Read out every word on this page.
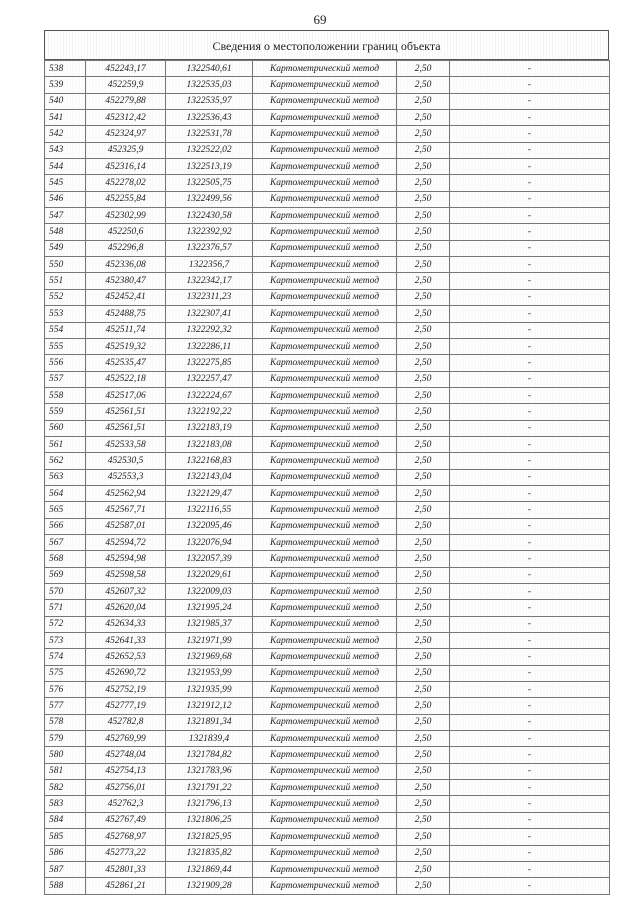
69
Сведения о местоположении границ объекта
538	452243,17	1322540,61	Картометрический метод	2,50	-
539	452259,9	1322535,03	Картометрический метод	2,50	-
540	452279,88	1322535,97	Картометрический метод	2,50	-
541	452312,42	1322536,43	Картометрический метод	2,50	-
542	452324,97	1322531,78	Картометрический метод	2,50	-
543	452325,9	1322522,02	Картометрический метод	2,50	-
544	452316,14	1322513,19	Картометрический метод	2,50	-
545	452278,02	1322505,75	Картометрический метод	2,50	-
546	452255,84	1322499,56	Картометрический метод	2,50	-
547	452302,99	1322430,58	Картометрический метод	2,50	-
548	452250,6	1322392,92	Картометрический метод	2,50	-
549	452296,8	1322376,57	Картометрический метод	2,50	-
550	452336,08	1322356,7	Картометрический метод	2,50	-
551	452380,47	1322342,17	Картометрический метод	2,50	-
552	452452,41	1322311,23	Картометрический метод	2,50	-
553	452488,75	1322307,41	Картометрический метод	2,50	-
554	452511,74	1322292,32	Картометрический метод	2,50	-
555	452519,32	1322286,11	Картометрический метод	2,50	-
556	452535,47	1322275,85	Картометрический метод	2,50	-
557	452522,18	1322257,47	Картометрический метод	2,50	-
558	452517,06	1322224,67	Картометрический метод	2,50	-
559	452561,51	1322192,22	Картометрический метод	2,50	-
560	452561,51	1322183,19	Картометрический метод	2,50	-
561	452533,58	1322183,08	Картометрический метод	2,50	-
562	452530,5	1322168,83	Картометрический метод	2,50	-
563	452553,3	1322143,04	Картометрический метод	2,50	-
564	452562,94	1322129,47	Картометрический метод	2,50	-
565	452567,71	1322116,55	Картометрический метод	2,50	-
566	452587,01	1322095,46	Картометрический метод	2,50	-
567	452594,72	1322076,94	Картометрический метод	2,50	-
568	452594,98	1322057,39	Картометрический метод	2,50	-
569	452598,58	1322029,61	Картометрический метод	2,50	-
570	452607,32	1322009,03	Картометрический метод	2,50	-
571	452620,04	1321995,24	Картометрический метод	2,50	-
572	452634,33	1321985,37	Картометрический метод	2,50	-
573	452641,33	1321971,99	Картометрический метод	2,50	-
574	452652,53	1321969,68	Картометрический метод	2,50	-
575	452690,72	1321953,99	Картометрический метод	2,50	-
576	452752,19	1321935,99	Картометрический метод	2,50	-
577	452777,19	1321912,12	Картометрический метод	2,50	-
578	452782,8	1321891,34	Картометрический метод	2,50	-
579	452769,99	1321839,4	Картометрический метод	2,50	-
580	452748,04	1321784,82	Картометрический метод	2,50	-
581	452754,13	1321783,96	Картометрический метод	2,50	-
582	452756,01	1321791,22	Картометрический метод	2,50	-
583	452762,3	1321796,13	Картометрический метод	2,50	-
584	452767,49	1321806,25	Картометрический метод	2,50	-
585	452768,97	1321825,95	Картометрический метод	2,50	-
586	452773,22	1321835,82	Картометрический метод	2,50	-
587	452801,33	1321869,44	Картометрический метод	2,50	-
588	452861,21	1321909,28	Картометрический метод	2,50	-
